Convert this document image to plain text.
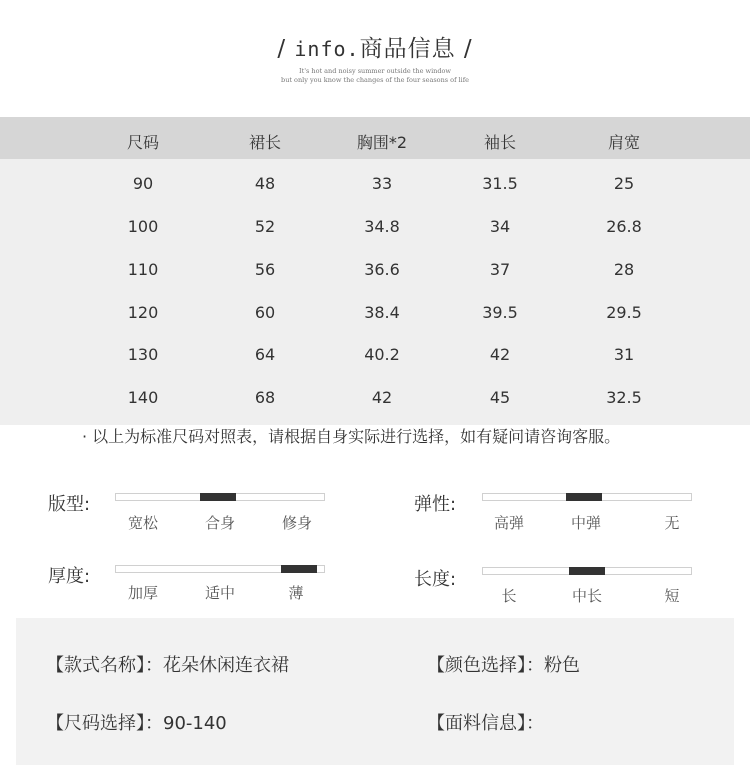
/ info.商品信息 /
It's hot and noisy summer outside the window
but only you know the changes of the four seasons of life
尺码	裙长	胸围*2	袖长	肩宽
90	48	33	31.5	25
100	52	34.8	34	26.8
110	56	36.6	37	28
120	60	38.4	39.5	29.5
130	64	40.2	42	31
140	68	42	45	32.5
· 以上为标准尺码对照表，请根据自身实际进行选择，如有疑问请咨询客服。
版型:
宽松	合身	修身
弹性:
高弹	中弹	无
厚度:
加厚	适中	薄
长度:
长	中长	短
【款式名称】：花朵休闲连衣裙	【颜色选择】：粉色
【尺码选择】：90-140	【面料信息】：
